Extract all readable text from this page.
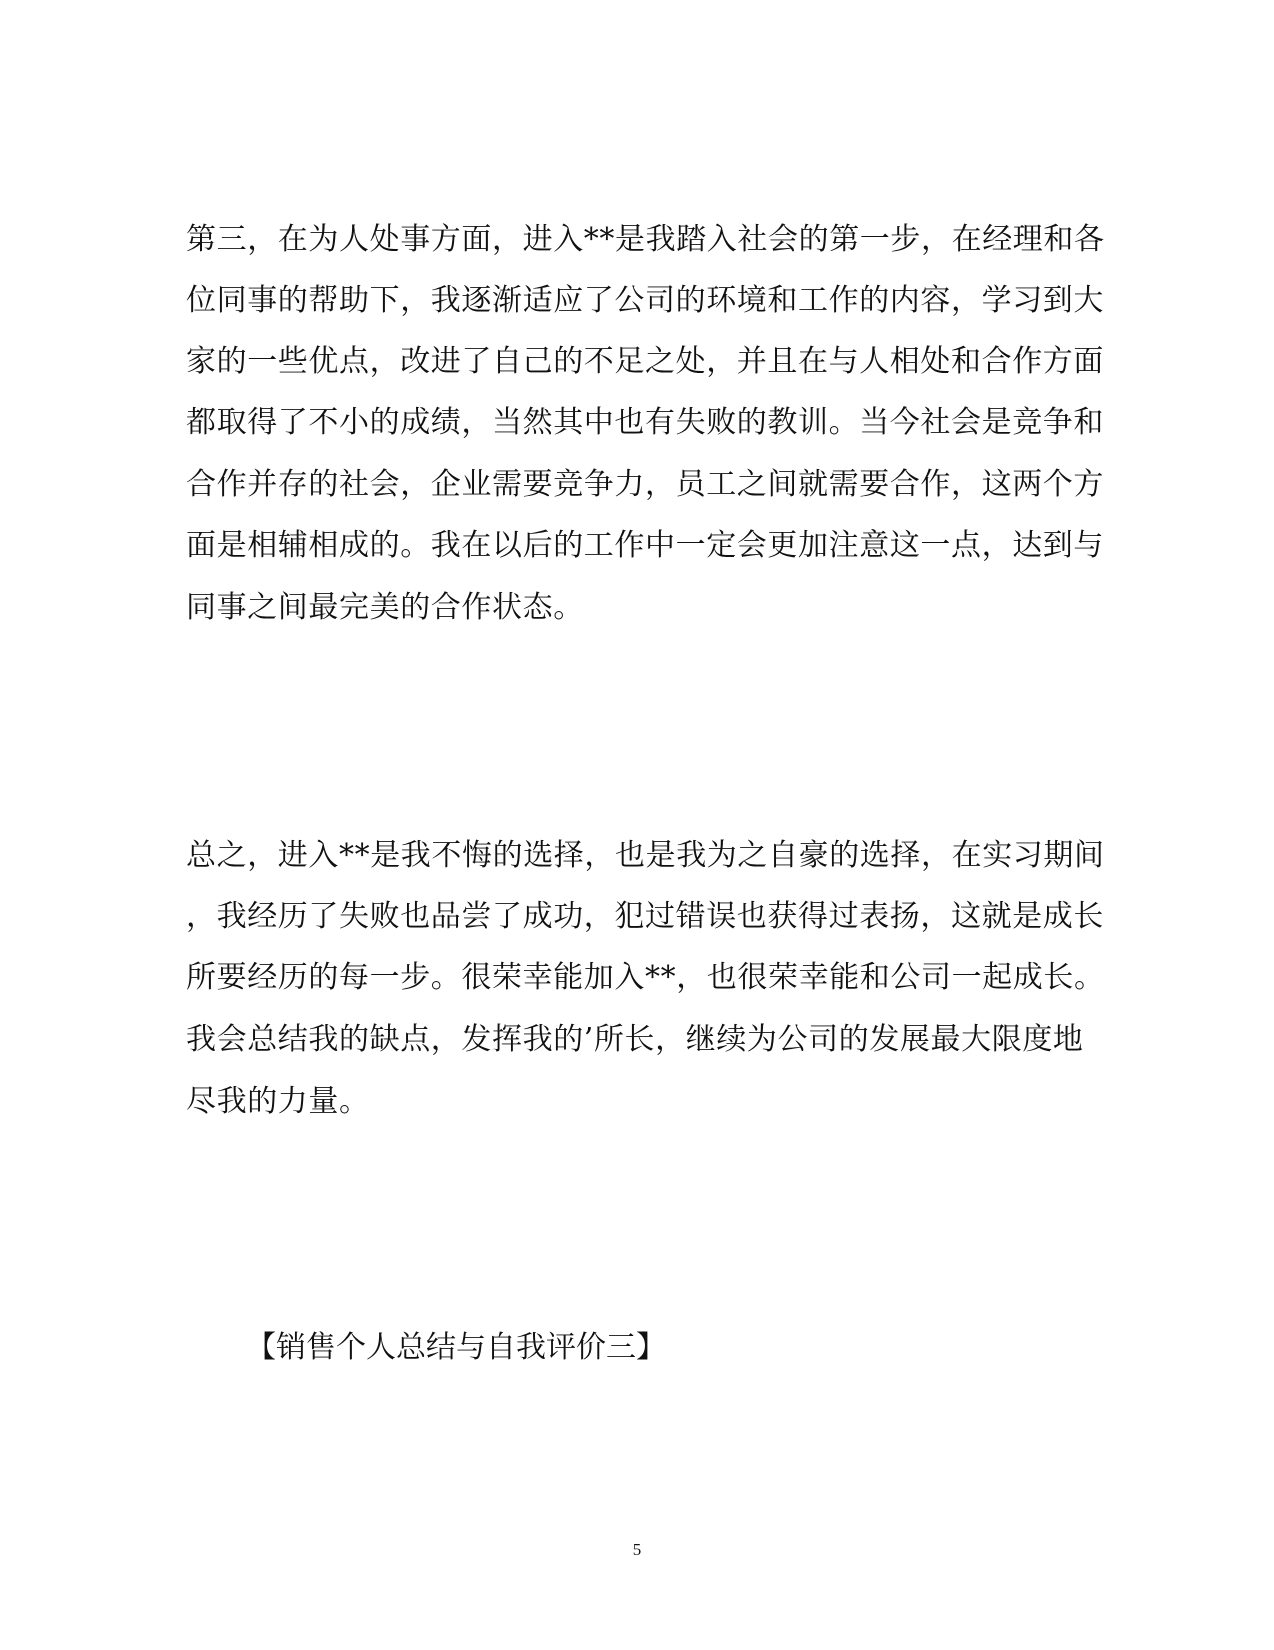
第三，在为人处事方面，进入**是我踏入社会的第一步，在经理和各
位同事的帮助下，我逐渐适应了公司的环境和工作的内容，学习到大
家的一些优点，改进了自己的不足之处，并且在与人相处和合作方面
都取得了不小的成绩，当然其中也有失败的教训。当今社会是竞争和
合作并存的社会，企业需要竞争力，员工之间就需要合作，这两个方
面是相辅相成的。我在以后的工作中一定会更加注意这一点，达到与
同事之间最完美的合作状态。
总之，进入**是我不悔的选择，也是我为之自豪的选择，在实习期间
，我经历了失败也品尝了成功，犯过错误也获得过表扬，这就是成长
所要经历的每一步。很荣幸能加入**，也很荣幸能和公司一起成长。
我会总结我的缺点，发挥我的’所长，继续为公司的发展最大限度地
尽我的力量。
【销售个人总结与自我评价三】
5
